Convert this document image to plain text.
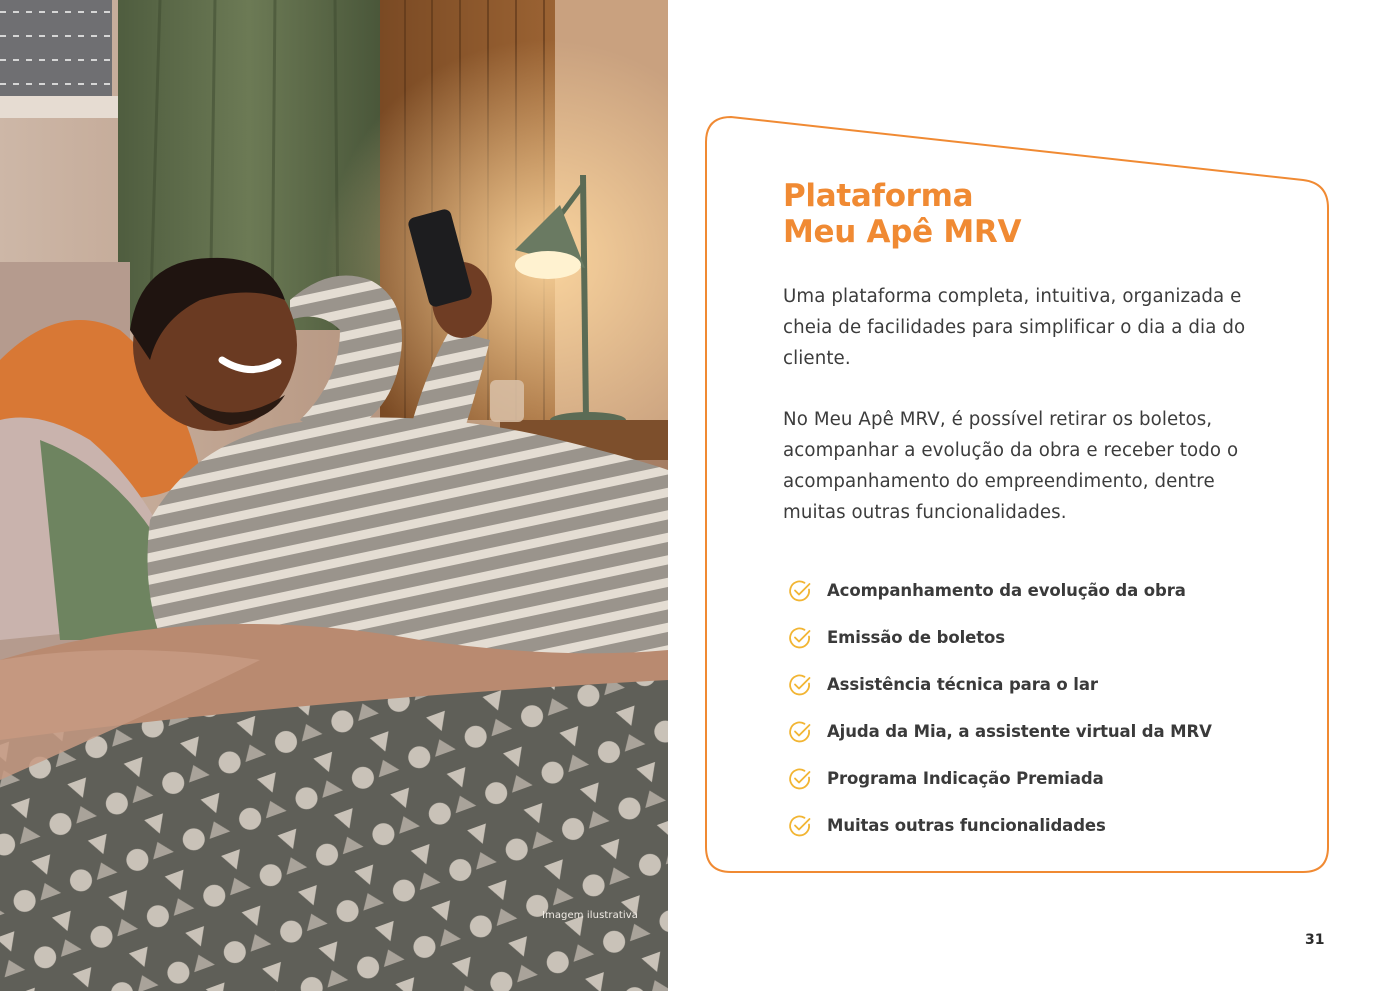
Imagem ilustrativa
Plataforma
Meu Apê MRV

Uma plataforma completa, intuitiva, organizada e cheia de facilidades para simplificar o dia a dia do cliente.

No Meu Apê MRV, é possível retirar os boletos, acompanhar a evolução da obra e receber todo o acompanhamento do empreendimento, dentre muitas outras funcionalidades.

Acompanhamento da evolução da obra
Emissão de boletos
Assistência técnica para o lar
Ajuda da Mia, a assistente virtual da MRV
Programa Indicação Premiada
Muitas outras funcionalidades
31
